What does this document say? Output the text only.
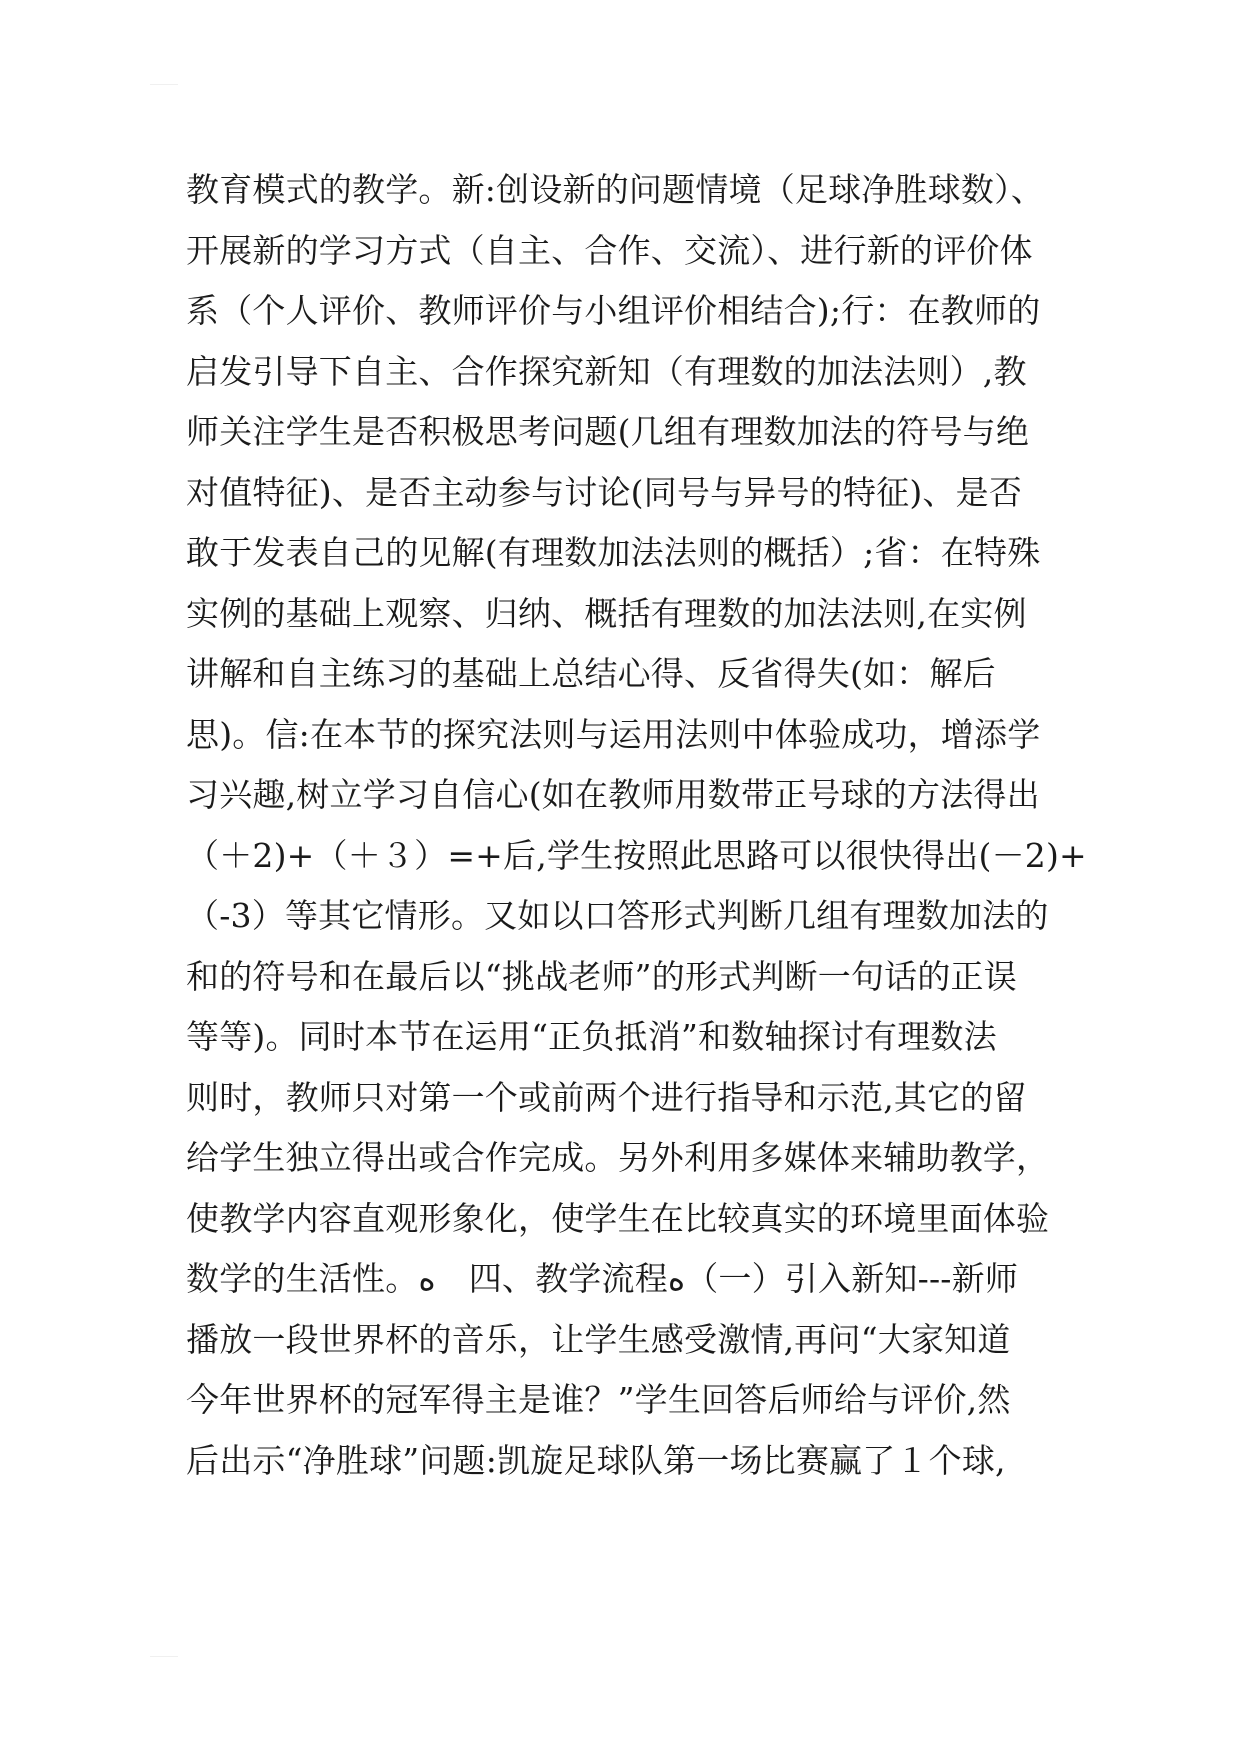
教育模式的教学。新:创设新的问题情境（足球净胜球数）、
开展新的学习方式（自主、合作、交流）、进行新的评价体
系（个人评价、教师评价与小组评价相结合);行：在教师的
启发引导下自主、合作探究新知（有理数的加法法则）,教
师关注学生是否积极思考问题(几组有理数加法的符号与绝
对值特征)、是否主动参与讨论(同号与异号的特征)、是否
敢于发表自己的见解(有理数加法法则的概括）;省：在特殊
实例的基础上观察、归纳、概括有理数的加法法则,在实例
讲解和自主练习的基础上总结心得、反省得失(如：解后
思)。信:在本节的探究法则与运用法则中体验成功，增添学
习兴趣,树立学习自信心(如在教师用数带正号球的方法得出
（＋2)+（＋３）=+后,学生按照此思路可以很快得出(－2)+
（-3）等其它情形。又如以口答形式判断几组有理数加法的
和的符号和在最后以“挑战老师”的形式判断一句话的正误
等等)。同时本节在运用“正负抵消”和数轴探讨有理数法
则时，教师只对第一个或前两个进行指导和示范,其它的留
给学生独立得出或合作完成。另外利用多媒体来辅助教学，
使教学内容直观形象化，使学生在比较真实的环境里面体验
数学的生活性。ﻩ　四、教学流程ﻩ（一）引入新知---新师
播放一段世界杯的音乐，让学生感受激情,再问“大家知道
今年世界杯的冠军得主是谁？”学生回答后师给与评价,然
后出示“净胜球”问题:凯旋足球队第一场比赛赢了１个球,
